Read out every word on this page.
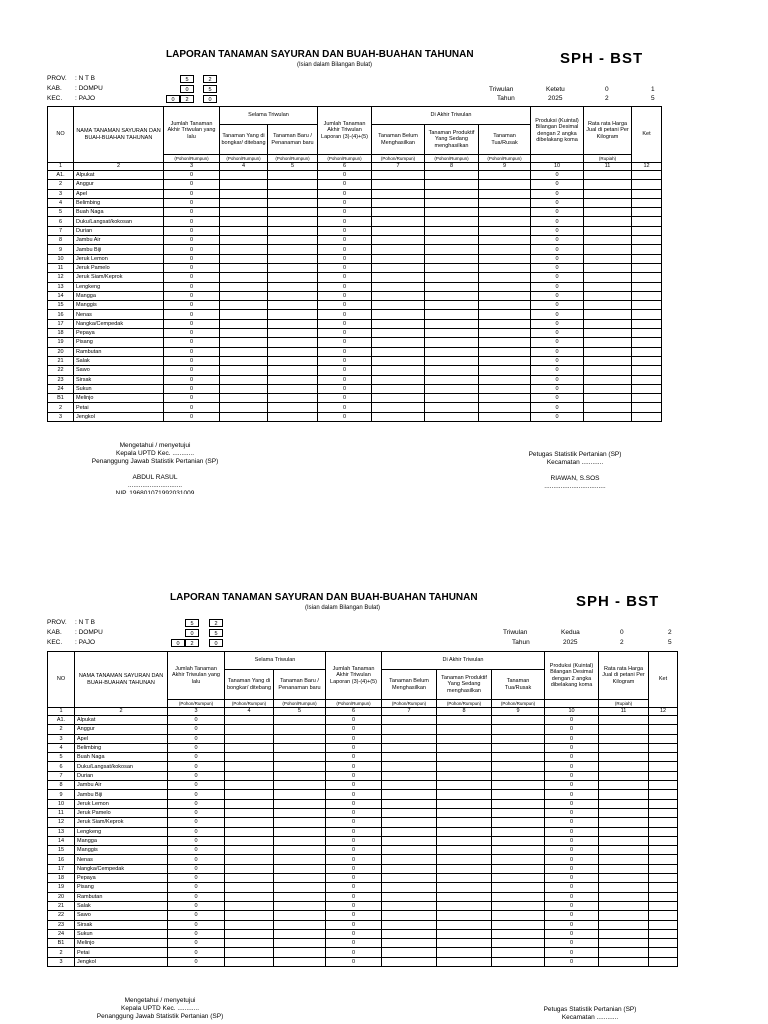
LAPORAN TANAMAN SAYURAN DAN BUAH-BUAHAN TAHUNAN
(Isian dalam Bilangan Bulat)	SPH - BST
PROV. : N T B
KAB. : DOMPU
KEC. : PAJO
5	2
0	5
0	2	0
Triwulan	Ketetu	0	1
Tahun	2025	2	5
NO	NAMA TANAMAN SAYURAN DAN BUAH-BUAHAN TAHUNAN	Jumlah Tanaman Akhir Triwulan yang lalu	Selama Triwulan		Jumlah Tanaman Akhir Triwulan Laporan (3)-(4)+(5)	Di Akhir Triwulan			Produksi (Kuintal) Bilangan Desimal dengan 2 angka dibelakang koma	Rata rata Harga Jual di petani Per Kilogram	Ket
			Tanaman Yang di bongkar/ ditebang	Tanaman Baru / Penanaman baru		Tanaman Belum Menghasilkan	Tanaman Produktif Yang Sedang menghasilkan	Tanaman Tua/Rusak			
		(Pohon/Rumpun)	(Pohon/Rumpun)	(Pohon/Rumpun)	(Pohon/Rumpun)	(Pohon/Rumpun)	(Pohon/Rumpun)	(Pohon/Rumpun)		(Rupiah)	
1	2	3	4	5	6	7	8	9	10	11	12
A1.	Alpukat	0			0				0		
2	Anggur	0			0				0		
3	Apel	0			0				0		
4	Belimbing	0			0				0		
5	Buah Naga	0			0				0		
6	Duku/Langsat/kokosan	0			0				0		
7	Durian	0			0				0		
8	Jambu Air	0			0				0		
9	Jambu Biji	0			0				0		
10	Jeruk Lemon	0			0				0		
11	Jeruk Pamelo	0			0				0		
12	Jeruk Siam/Keprok	0			0				0		
13	Lengkeng	0			0				0		
14	Mangga	0			0				0		
15	Manggis	0			0				0		
16	Nenas	0			0				0		
17	Nangka/Cempedak	0			0				0		
18	Pepaya	0			0				0		
19	Pisang	0			0				0		
20	Rambutan	0			0				0		
21	Salak	0			0				0		
22	Sawo	0			0				0		
23	Sirsak	0			0				0		
24	Sukun	0			0				0		
B1	Melinjo	0			0				0		
2	Petai	0			0				0		
3	Jengkol	0			0				0		
Mengetahui / menyetujui
Kepala UPTD Kec. ............
Penanggung Jawab Statistik Pertanian (SP)
ABDUL RASUL
..............................
NIP. 196801071992031009
Petugas Statistik Pertanian (SP)
Kecamatan ............
RIAWAN, S.SOS
..................................
LAPORAN TANAMAN SAYURAN DAN BUAH-BUAHAN TAHUNAN
(Isian dalam Bilangan Bulat)	SPH - BST
PROV. : N T B
KAB. : DOMPU
KEC. : PAJO
5	2
0	5
0	2	0
Triwulan	Kedua	0	2
Tahun	2025	2	5
NO	NAMA TANAMAN SAYURAN DAN BUAH-BUAHAN TAHUNAN	Jumlah Tanaman Akhir Triwulan yang lalu	Selama Triwulan		Jumlah Tanaman Akhir Triwulan Laporan (3)-(4)+(5)	Di Akhir Triwulan			Produksi (Kuintal) Bilangan Desimal dengan 2 angka dibelakang koma	Rata rata Harga Jual di petani Per Kilogram	Ket
			Tanaman Yang di bongkar/ ditebang	Tanaman Baru / Penanaman baru		Tanaman Belum Menghasilkan	Tanaman Produktif Yang Sedang menghasilkan	Tanaman Tua/Rusak			
		(Pohon/Rumpun)	(Pohon/Rumpun)	(Pohon/Rumpun)	(Pohon/Rumpun)	(Pohon/Rumpun)	(Pohon/Rumpun)	(Pohon/Rumpun)		(Rupiah)	
1	2	3	4	5	6	7	8	9	10	11	12
A1.	Alpukat	0			0				0		
2	Anggur	0			0				0		
3	Apel	0			0				0		
4	Belimbing	0			0				0		
5	Buah Naga	0			0				0		
6	Duku/Langsat/kokosan	0			0				0		
7	Durian	0			0				0		
8	Jambu Air	0			0				0		
9	Jambu Biji	0			0				0		
10	Jeruk Lemon	0			0				0		
11	Jeruk Pamelo	0			0				0		
12	Jeruk Siam/Keprok	0			0				0		
13	Lengkeng	0			0				0		
14	Mangga	0			0				0		
15	Manggis	0			0				0		
16	Nenas	0			0				0		
17	Nangka/Cempedak	0			0				0		
18	Pepaya	0			0				0		
19	Pisang	0			0				0		
20	Rambutan	0			0				0		
21	Salak	0			0				0		
22	Sawo	0			0				0		
23	Sirsak	0			0				0		
24	Sukun	0			0				0		
B1	Melinjo	0			0				0		
2	Petai	0			0				0		
3	Jengkol	0			0				0		
Mengetahui / menyetujui
Kepala UPTD Kec. ............
Penanggung Jawab Statistik Pertanian (SP)
Petugas Statistik Pertanian (SP)
Kecamatan ............
